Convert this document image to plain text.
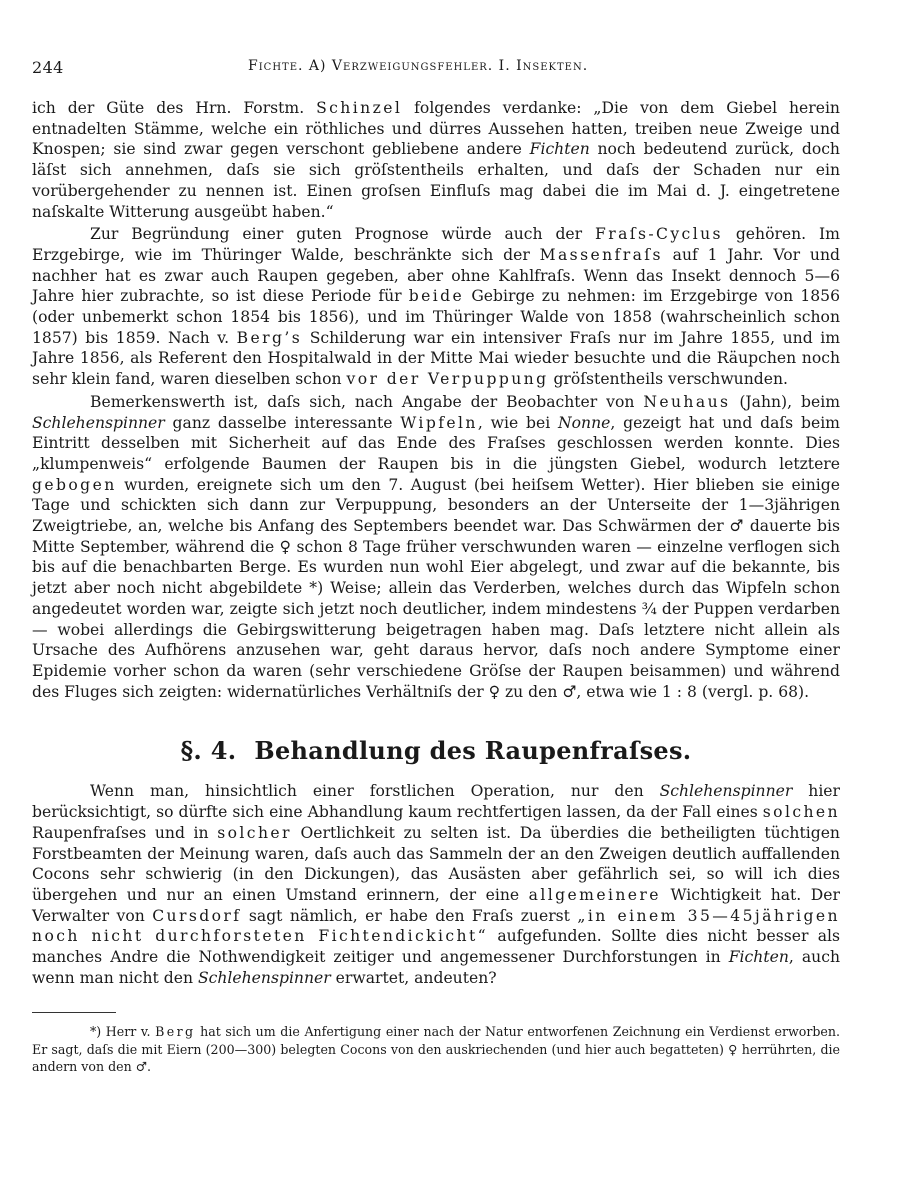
244	Fichte. A) Verzweigungsfehler. I. Insekten.

ich der Güte des Hrn. Forstm. Schinzel folgendes verdanke: „Die von dem Giebel herein entnadelten Stämme, welche ein röthliches und dürres Aussehen hatten, treiben neue Zweige und Knospen; sie sind zwar gegen verschont gebliebene andere Fichten noch bedeutend zurück, doch läſst sich annehmen, daſs sie sich gröſstentheils erhalten, und daſs der Schaden nur ein vorübergehender zu nennen ist. Einen groſsen Einfluſs mag dabei die im Mai d. J. eingetretene naſskalte Witterung ausgeübt haben.“

Zur Begründung einer guten Prognose würde auch der Fraſs-Cyclus gehören. Im Erzgebirge, wie im Thüringer Walde, beschränkte sich der Massenfraſs auf 1 Jahr. Vor und nachher hat es zwar auch Raupen gegeben, aber ohne Kahlfraſs. Wenn das Insekt dennoch 5—6 Jahre hier zubrachte, so ist diese Periode für beide Gebirge zu nehmen: im Erzgebirge von 1856 (oder unbemerkt schon 1854 bis 1856), und im Thüringer Walde von 1858 (wahrscheinlich schon 1857) bis 1859. Nach v. Berg’s Schilderung war ein intensiver Fraſs nur im Jahre 1855, und im Jahre 1856, als Referent den Hospitalwald in der Mitte Mai wieder besuchte und die Räupchen noch sehr klein fand, waren dieselben schon vor der Verpuppung gröſstentheils verschwunden.

Bemerkenswerth ist, daſs sich, nach Angabe der Beobachter von Neuhaus (Jahn), beim Schlehenspinner ganz dasselbe interessante Wipfeln, wie bei Nonne, gezeigt hat und daſs beim Eintritt desselben mit Sicherheit auf das Ende des Fraſses geschlossen werden konnte. Dies „klumpenweis“ erfolgende Baumen der Raupen bis in die jüngsten Giebel, wodurch letztere gebogen wurden, ereignete sich um den 7. August (bei heiſsem Wetter). Hier blieben sie einige Tage und schickten sich dann zur Verpuppung, besonders an der Unterseite der 1—3jährigen Zweigtriebe, an, welche bis Anfang des Septembers beendet war. Das Schwärmen der ♂ dauerte bis Mitte September, während die ♀ schon 8 Tage früher verschwunden waren — einzelne verflogen sich bis auf die benachbarten Berge. Es wurden nun wohl Eier abgelegt, und zwar auf die bekannte, bis jetzt aber noch nicht abgebildete *) Weise; allein das Verderben, welches durch das Wipfeln schon angedeutet worden war, zeigte sich jetzt noch deutlicher, indem mindestens ¾ der Puppen verdarben — wobei allerdings die Gebirgswitterung beigetragen haben mag. Daſs letztere nicht allein als Ursache des Aufhörens anzusehen war, geht daraus hervor, daſs noch andere Symptome einer Epidemie vorher schon da waren (sehr verschiedene Gröſse der Raupen beisammen) und während des Fluges sich zeigten: widernatürliches Verhältniſs der ♀ zu den ♂, etwa wie 1 : 8 (vergl. p. 68).

§. 4. Behandlung des Raupenfraſses.

Wenn man, hinsichtlich einer forstlichen Operation, nur den Schlehenspinner hier berücksichtigt, so dürfte sich eine Abhandlung kaum rechtfertigen lassen, da der Fall eines solchen Raupenfraſses und in solcher Oertlichkeit zu selten ist. Da überdies die betheiligten tüchtigen Forstbeamten der Meinung waren, daſs auch das Sammeln der an den Zweigen deutlich auffallenden Cocons sehr schwierig (in den Dickungen), das Ausästen aber gefährlich sei, so will ich dies übergehen und nur an einen Umstand erinnern, der eine allgemeinere Wichtigkeit hat. Der Verwalter von Cursdorf sagt nämlich, er habe den Fraſs zuerst „in einem 35—45jährigen noch nicht durchforsteten Fichtendickicht“ aufgefunden. Sollte dies nicht besser als manches Andre die Nothwendigkeit zeitiger und angemessener Durchforstungen in Fichten, auch wenn man nicht den Schlehenspinner erwartet, andeuten?

*) Herr v. Berg hat sich um die Anfertigung einer nach der Natur entworfenen Zeichnung ein Verdienst erworben. Er sagt, daſs die mit Eiern (200—300) belegten Cocons von den auskriechenden (und hier auch begatteten) ♀ herrührten, die andern von den ♂.
